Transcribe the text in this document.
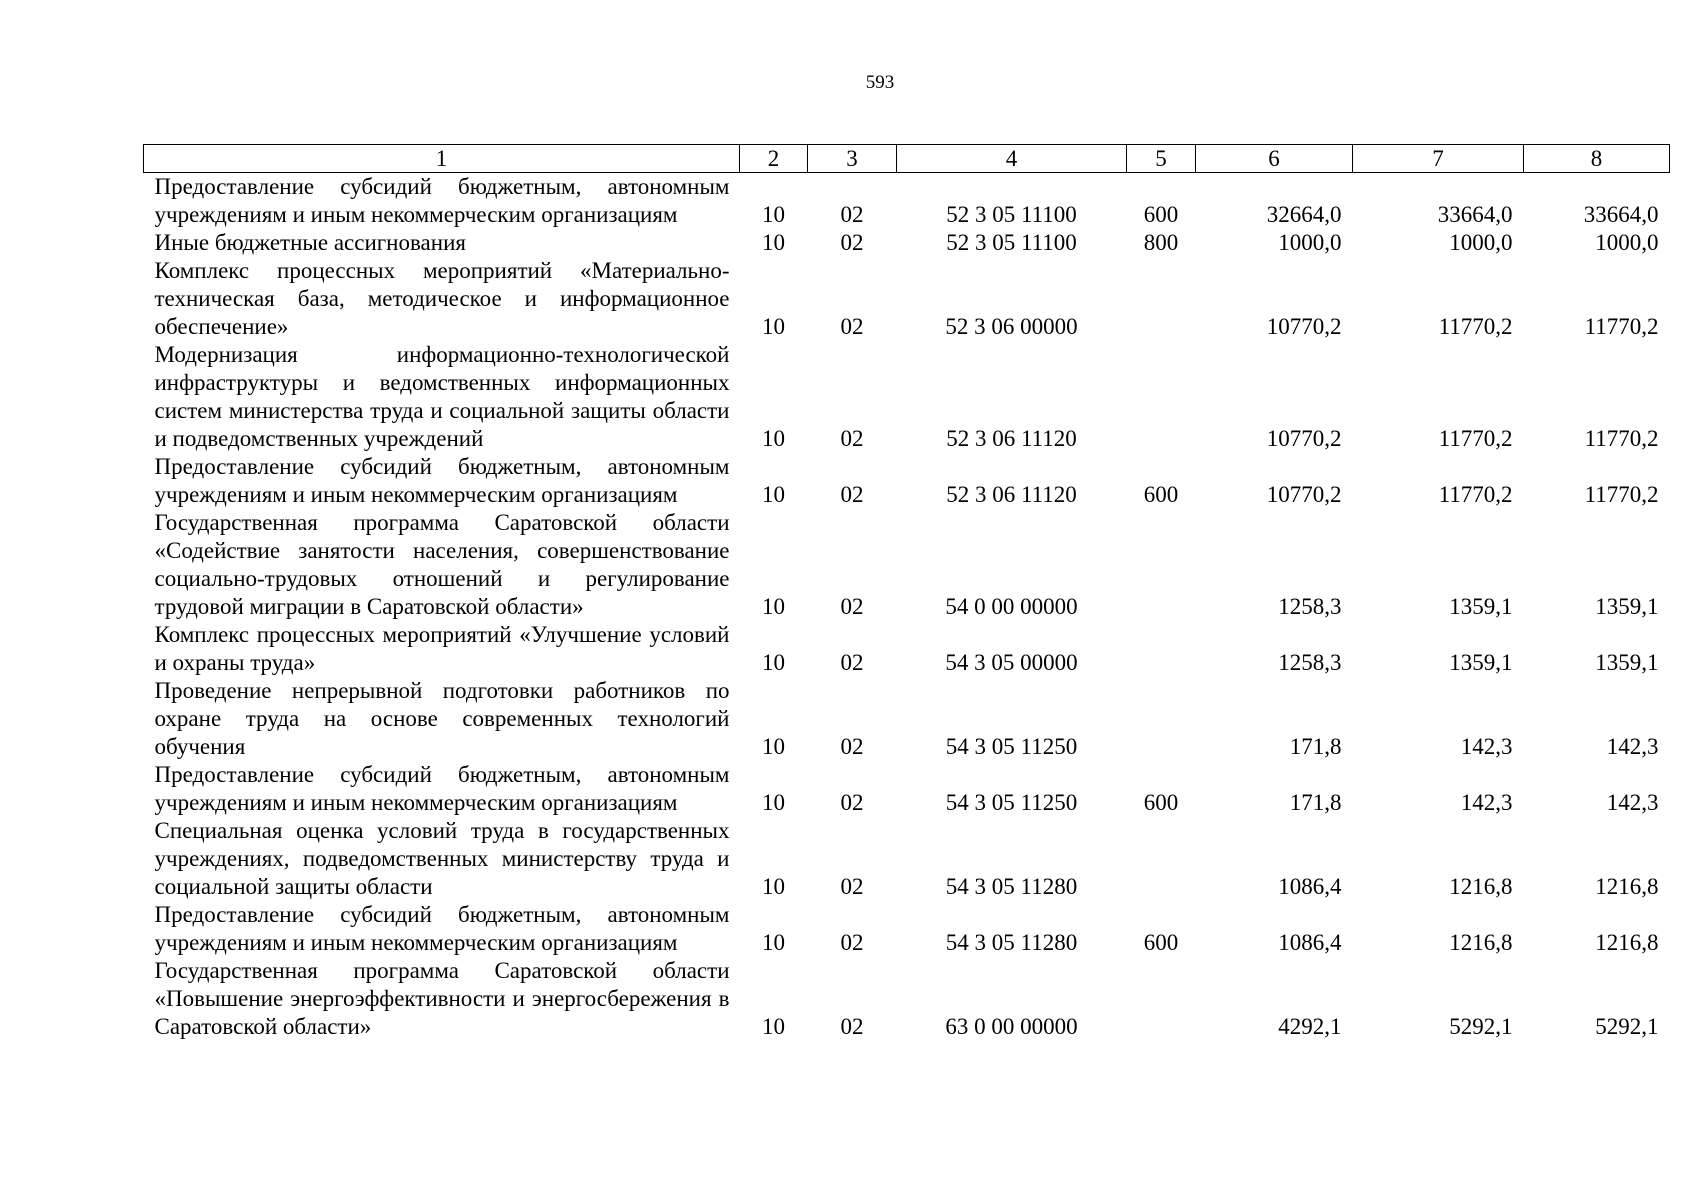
593
1	2	3	4	5	6	7	8
Предоставление субсидий бюджетным, автономным учреждениям и иным некоммерческим организациям	10	02	52 3 05 11100	600	32664,0	33664,0	33664,0
Иные бюджетные ассигнования	10	02	52 3 05 11100	800	1000,0	1000,0	1000,0
Комплекс процессных мероприятий «Материально-техническая база, методическое и информационное обеспечение»	10	02	52 3 06 00000		10770,2	11770,2	11770,2
Модернизация информационно-технологической инфраструктуры и ведомственных информационных систем министерства труда и социальной защиты области и подведомственных учреждений	10	02	52 3 06 11120		10770,2	11770,2	11770,2
Предоставление субсидий бюджетным, автономным учреждениям и иным некоммерческим организациям	10	02	52 3 06 11120	600	10770,2	11770,2	11770,2
Государственная программа Саратовской области «Содействие занятости населения, совершенствование социально-трудовых отношений и регулирование трудовой миграции в Саратовской области»	10	02	54 0 00 00000		1258,3	1359,1	1359,1
Комплекс процессных мероприятий «Улучшение условий и охраны труда»	10	02	54 3 05 00000		1258,3	1359,1	1359,1
Проведение непрерывной подготовки работников по охране труда на основе современных технологий обучения	10	02	54 3 05 11250		171,8	142,3	142,3
Предоставление субсидий бюджетным, автономным учреждениям и иным некоммерческим организациям	10	02	54 3 05 11250	600	171,8	142,3	142,3
Специальная оценка условий труда в государственных учреждениях, подведомственных министерству труда и социальной защиты области	10	02	54 3 05 11280		1086,4	1216,8	1216,8
Предоставление субсидий бюджетным, автономным учреждениям и иным некоммерческим организациям	10	02	54 3 05 11280	600	1086,4	1216,8	1216,8
Государственная программа Саратовской области «Повышение энергоэффективности и энергосбережения в Саратовской области»	10	02	63 0 00 00000		4292,1	5292,1	5292,1
